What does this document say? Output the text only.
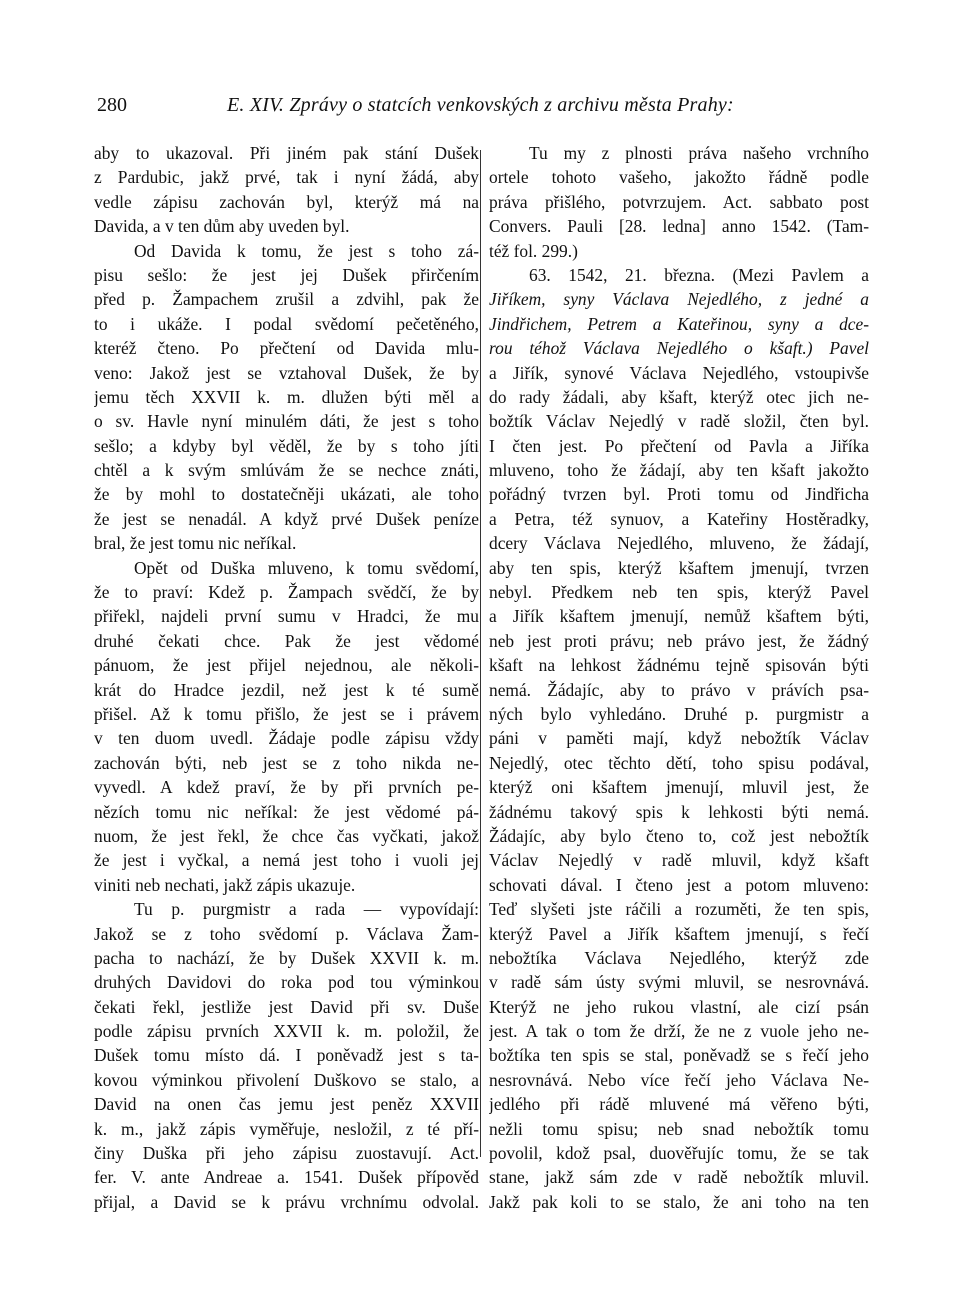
280	E. XIV. Zprávy o statcích venkovských z archivu města Prahy:
aby to ukazoval. Při jiném pak stání Dušek
z Pardubic, jakž prvé, tak i nyní žádá, aby
vedle zápisu zachován byl, kterýž má na
Davida, a v ten dům aby uveden byl.
Od Davida k tomu, že jest s toho zá-
pisu sešlo: že jest jej Dušek přirčením
před p. Žampachem zrušil a zdvihl, pak že
to i ukáže. I podal svědomí pečetěného,
kteréž čteno. Po přečtení od Davida mlu-
veno: Jakož jest se vztahoval Dušek, že by
jemu těch XXVII k. m. dlužen býti měl a
o sv. Havle nyní minulém dáti, že jest s toho
sešlo; a kdyby byl věděl, že by s toho jíti
chtěl a k svým smlúvám že se nechce znáti,
že by mohl to dostatečněji ukázati, ale toho
že jest se nenadál. A když prvé Dušek peníze
bral, že jest tomu nic neříkal.
Opět od Duška mluveno, k tomu svědomí,
že to praví: Kdež p. Žampach svědčí, že by
přiřekl, najdeli první sumu v Hradci, že mu
druhé čekati chce. Pak že jest vědomé
pánuom, že jest přijel nejednou, ale několi-
krát do Hradce jezdil, než jest k té sumě
přišel. Až k tomu přišlo, že jest se i právem
v ten duom uvedl. Žádaje podle zápisu vždy
zachován býti, neb jest se z toho nikda ne-
vyvedl. A kdež praví, že by při prvních pe-
nězích tomu nic neříkal: že jest vědomé pá-
nuom, že jest řekl, že chce čas vyčkati, jakož
že jest i vyčkal, a nemá jest toho i vuoli jej
viniti neb nechati, jakž zápis ukazuje.
Tu p. purgmistr a rada — vypovídají:
Jakož se z toho svědomí p. Václava Žam-
pacha to nachází, že by Dušek XXVII k. m.
druhých Davidovi do roka pod tou výminkou
čekati řekl, jestliže jest David při sv. Duše
podle zápisu prvních XXVII k. m. položil, že
Dušek tomu místo dá. I poněvadž jest s ta-
kovou výminkou přivolení Duškovo se stalo, a
David na onen čas jemu jest peněz XXVII
k. m., jakž zápis vyměřuje, nesložil, z té pří-
činy Duška při jeho zápisu zuostavují. Act.
fer. V. ante Andreae a. 1541. Dušek přípověd
přijal, a David se k právu vrchnímu odvolal.
Tu my z plnosti práva našeho vrchního
ortele tohoto vašeho, jakožto řádně podle
práva přišlého, potvrzujem. Act. sabbato post
Convers. Pauli [28. ledna] anno 1542. (Tam-
též fol. 299.)
63. 1542, 21. března. (Mezi Pavlem a
Jiříkem, syny Václava Nejedlého, z jedné a
Jindřichem, Petrem a Kateřinou, syny a dce-
rou téhož Václava Nejedlého o kšaft.) Pavel
a Jiřík, synové Václava Nejedlého, vstoupivše
do rady žádali, aby kšaft, kterýž otec jich ne-
božtík Václav Nejedlý v radě složil, čten byl.
I čten jest. Po přečtení od Pavla a Jiříka
mluveno, toho že žádají, aby ten kšaft jakožto
pořádný tvrzen byl. Proti tomu od Jindřicha
a Petra, též synuov, a Kateřiny Hostěradky,
dcery Václava Nejedlého, mluveno, že žádají,
aby ten spis, kterýž kšaftem jmenují, tvrzen
nebyl. Předkem neb ten spis, kterýž Pavel
a Jiřík kšaftem jmenují, nemůž kšaftem býti,
neb jest proti právu; neb právo jest, že žádný
kšaft na lehkost žádnému tejně spisován býti
nemá. Žádajíc, aby to právo v právích psa-
ných bylo vyhledáno. Druhé p. purgmistr a
páni v paměti mají, když nebožtík Václav
Nejedlý, otec těchto dětí, toho spisu podával,
kterýž oni kšaftem jmenují, mluvil jest, že
žádnému takový spis k lehkosti býti nemá.
Žádajíc, aby bylo čteno to, což jest nebožtík
Václav Nejedlý v radě mluvil, když kšaft
schovati dával. I čteno jest a potom mluveno:
Teď slyšeti jste ráčili a rozuměti, že ten spis,
kterýž Pavel a Jiřík kšaftem jmenují, s řečí
nebožtíka Václava Nejedlého, kterýž zde
v radě sám ústy svými mluvil, se nesrovnává.
Kterýž ne jeho rukou vlastní, ale cizí psán
jest. A tak o tom že drží, že ne z vuole jeho ne-
božtíka ten spis se stal, poněvadž se s řečí jeho
nesrovnává. Nebo více řečí jeho Václava Ne-
jedlého při rádě mluvené má věřeno býti,
nežli tomu spisu; neb snad nebožtík tomu
povolil, kdož psal, duověřujíc tomu, že se tak
stane, jakž sám zde v radě nebožtík mluvil.
Jakž pak koli to se stalo, že ani toho na ten
